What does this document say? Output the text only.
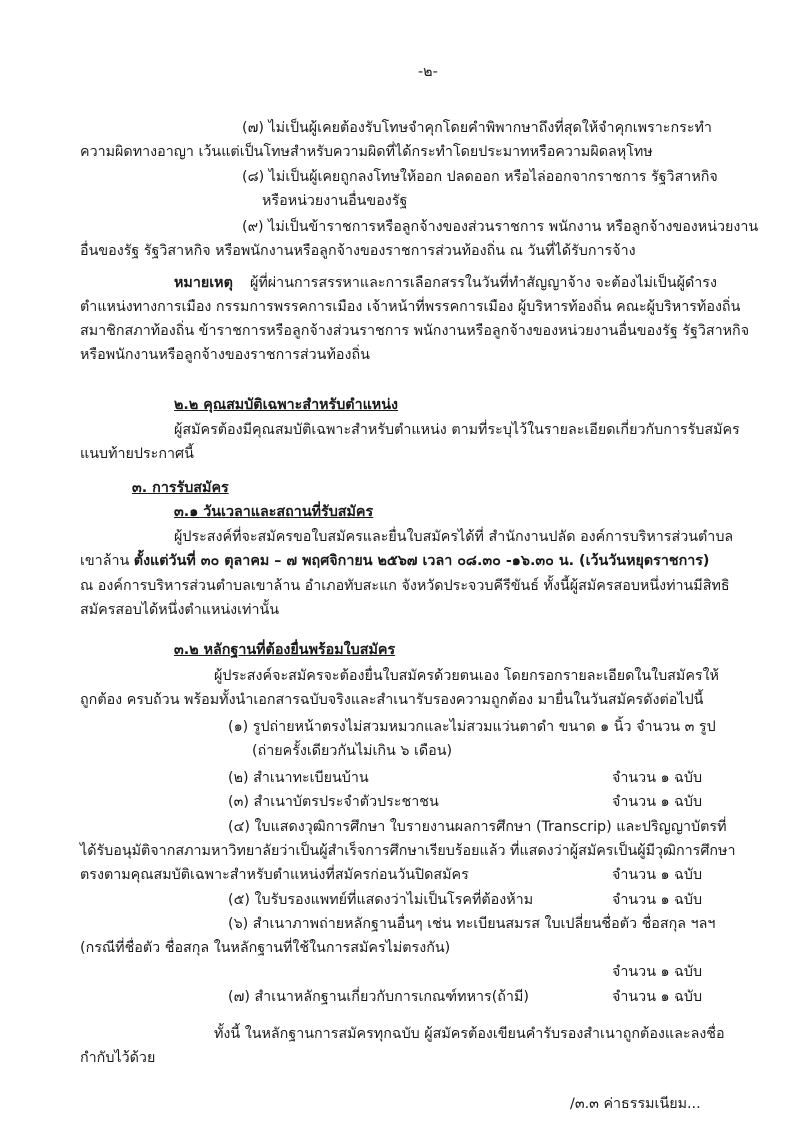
-๒-
(๗) ไม่เป็นผู้เคยต้องรับโทษจำคุกโดยคำพิพากษาถึงที่สุดให้จำคุกเพราะกระทำ
ความผิดทางอาญา เว้นแต่เป็นโทษสำหรับความผิดที่ได้กระทำโดยประมาทหรือความผิดลหุโทษ
(๘) ไม่เป็นผู้เคยถูกลงโทษให้ออก ปลดออก หรือไล่ออกจากราชการ รัฐวิสาหกิจ
หรือหน่วยงานอื่นของรัฐ
(๙) ไม่เป็นข้าราชการหรือลูกจ้างของส่วนราชการ พนักงาน หรือลูกจ้างของหน่วยงาน
อื่นของรัฐ รัฐวิสาหกิจ หรือพนักงานหรือลูกจ้างของราชการส่วนท้องถิ่น ณ วันที่ได้รับการจ้าง
หมายเหตุ ผู้ที่ผ่านการสรรหาและการเลือกสรรในวันที่ทำสัญญาจ้าง จะต้องไม่เป็นผู้ดำรง
ตำแหน่งทางการเมือง กรรมการพรรคการเมือง เจ้าหน้าที่พรรคการเมือง ผู้บริหารท้องถิ่น คณะผู้บริหารท้องถิ่น
สมาชิกสภาท้องถิ่น ข้าราชการหรือลูกจ้างส่วนราชการ พนักงานหรือลูกจ้างของหน่วยงานอื่นของรัฐ รัฐวิสาหกิจ
หรือพนักงานหรือลูกจ้างของราชการส่วนท้องถิ่น
๒.๒ คุณสมบัติเฉพาะสำหรับตำแหน่ง
ผู้สมัครต้องมีคุณสมบัติเฉพาะสำหรับตำแหน่ง ตามที่ระบุไว้ในรายละเอียดเกี่ยวกับการรับสมัคร
แนบท้ายประกาศนี้
๓. การรับสมัคร
๓.๑ วันเวลาและสถานที่รับสมัคร
ผู้ประสงค์ที่จะสมัครขอใบสมัครและยื่นใบสมัครได้ที่ สำนักงานปลัด องค์การบริหารส่วนตำบล
เขาล้าน ตั้งแต่วันที่ ๓๐ ตุลาคม – ๗ พฤศจิกายน ๒๕๖๗ เวลา ๐๘.๓๐ -๑๖.๓๐ น. (เว้นวันหยุดราชการ)
ณ องค์การบริหารส่วนตำบลเขาล้าน อำเภอทับสะแก จังหวัดประจวบคีรีขันธ์ ทั้งนี้ผู้สมัครสอบหนึ่งท่านมีสิทธิ
สมัครสอบได้หนึ่งตำแหน่งเท่านั้น
๓.๒ หลักฐานที่ต้องยื่นพร้อมใบสมัคร
ผู้ประสงค์จะสมัครจะต้องยื่นใบสมัครด้วยตนเอง โดยกรอกรายละเอียดในใบสมัครให้
ถูกต้อง ครบถ้วน พร้อมทั้งนำเอกสารฉบับจริงและสำเนารับรองความถูกต้อง มายื่นในวันสมัครดังต่อไปนี้
(๑) รูปถ่ายหน้าตรงไม่สวมหมวกและไม่สวมแว่นตาดำ ขนาด ๑ นิ้ว จำนวน ๓ รูป
(ถ่ายครั้งเดียวกันไม่เกิน ๖ เดือน)
(๒) สำเนาทะเบียนบ้าน	จำนวน ๑ ฉบับ
(๓) สำเนาบัตรประจำตัวประชาชน	จำนวน ๑ ฉบับ
(๔) ใบแสดงวุฒิการศึกษา ใบรายงานผลการศึกษา (Transcrip) และปริญญาบัตรที่
ได้รับอนุมัติจากสภามหาวิทยาลัยว่าเป็นผู้สำเร็จการศึกษาเรียบร้อยแล้ว ที่แสดงว่าผู้สมัครเป็นผู้มีวุฒิการศึกษา
ตรงตามคุณสมบัติเฉพาะสำหรับตำแหน่งที่สมัครก่อนวันปิดสมัคร	จำนวน ๑ ฉบับ
(๕) ใบรับรองแพทย์ที่แสดงว่าไม่เป็นโรคที่ต้องห้าม	จำนวน ๑ ฉบับ
(๖) สำเนาภาพถ่ายหลักฐานอื่นๆ เช่น ทะเบียนสมรส ใบเปลี่ยนชื่อตัว ชื่อสกุล ฯลฯ
(กรณีที่ชื่อตัว ชื่อสกุล ในหลักฐานที่ใช้ในการสมัครไม่ตรงกัน)
จำนวน ๑ ฉบับ
(๗) สำเนาหลักฐานเกี่ยวกับการเกณฑ์ทหาร(ถ้ามี)	จำนวน ๑ ฉบับ
ทั้งนี้ ในหลักฐานการสมัครทุกฉบับ ผู้สมัครต้องเขียนคำรับรองสำเนาถูกต้องและลงชื่อ
กำกับไว้ด้วย
/๓.๓ ค่าธรรมเนียม...
